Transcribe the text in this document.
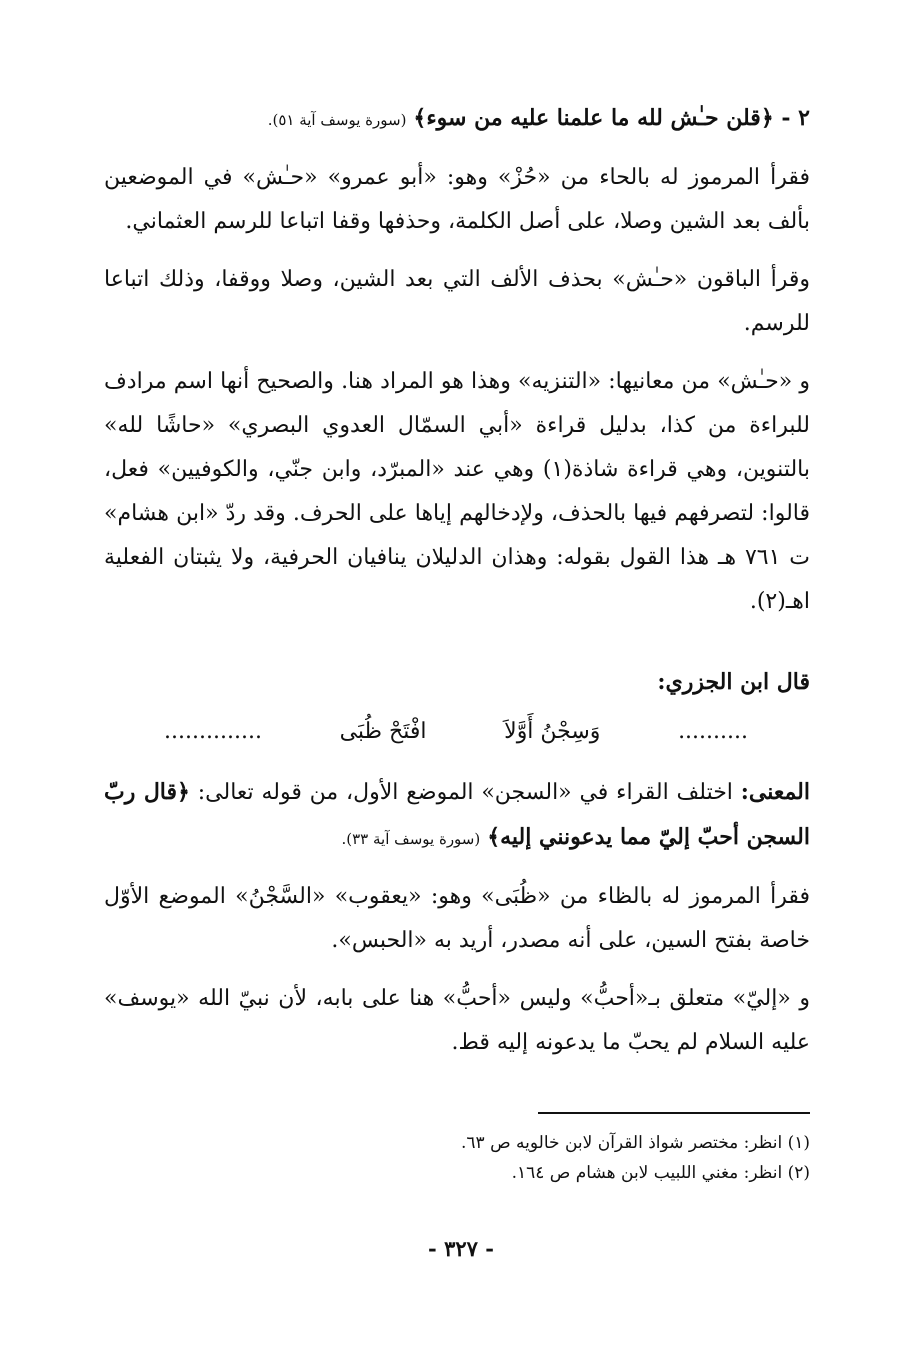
٢ - ﴿قلن حـٰش لله ما علمنا عليه من سوء﴾ (سورة يوسف آية ٥١).

فقرأ المرموز له بالحاء من «حُزْ» وهو: «أبو عمرو» «حـٰش» في الموضعين بألف بعد الشين وصلا، على أصل الكلمة، وحذفها وقفا اتباعا للرسم العثماني.

وقرأ الباقون «حـٰش» بحذف الألف التي بعد الشين، وصلا ووقفا، وذلك اتباعا للرسم.

و «حـٰش» من معانيها: «التنزيه» وهذا هو المراد هنا. والصحيح أنها اسم مرادف للبراءة من كذا، بدليل قراءة «أبي السمّال العدوي البصري» «حاشًا لله» بالتنوين، وهي قراءة شاذة(١) وهي عند «المبرّد، وابن جنّي، والكوفيين» فعل، قالوا: لتصرفهم فيها بالحذف، ولإدخالهم إياها على الحرف. وقد ردّ «ابن هشام» ت ٧٦١ هـ هذا القول بقوله: وهذان الدليلان ينافيان الحرفية، ولا يثبتان الفعلية اهـ(٢).

قال ابن الجزري:
..........
وَسِجْنُ أَوَّلاَ
افْتَحْ ظُبَى
..............

المعنى: اختلف القراء في «السجن» الموضع الأول، من قوله تعالى: ﴿قال ربّ السجن أحبّ إليّ مما يدعونني إليه﴾ (سورة يوسف آية ٣٣).

فقرأ المرموز له بالظاء من «ظُبَى» وهو: «يعقوب» «السَّجْنُ» الموضع الأوّل خاصة بفتح السين، على أنه مصدر، أريد به «الحبس».

و «إليّ» متعلق بـ«أحبُّ» وليس «أحبُّ» هنا على بابه، لأن نبيّ الله «يوسف» عليه السلام لم يحبّ ما يدعونه إليه قط.

(١) انظر: مختصر شواذ القرآن لابن خالويه ص ٦٣.
(٢) انظر: مغني اللبيب لابن هشام ص ١٦٤.
- ٣٢٧ -
